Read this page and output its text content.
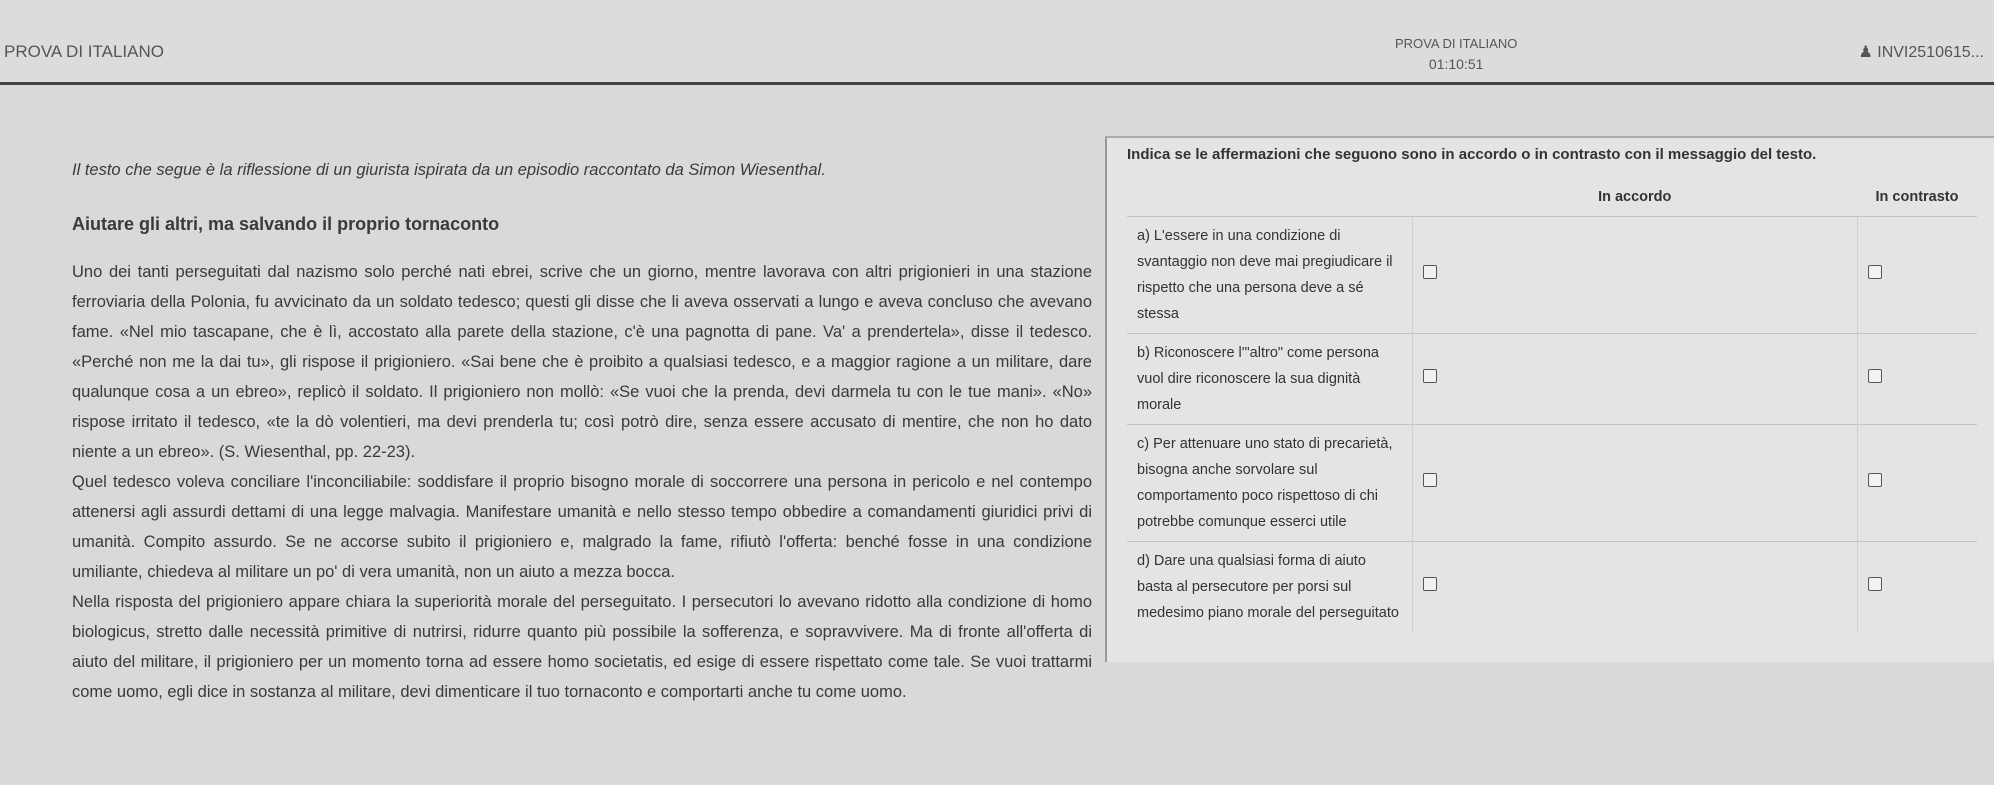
PROVA DI ITALIANO	PROVA DI ITALIANO
01:10:51
♟ INVI2510615...
Il testo che segue è la riflessione di un giurista ispirata da un episodio raccontato da Simon Wiesenthal.
Aiutare gli altri, ma salvando il proprio tornaconto
Uno dei tanti perseguitati dal nazismo solo perché nati ebrei, scrive che un giorno, mentre lavorava con altri prigionieri in una stazione ferroviaria della Polonia, fu avvicinato da un soldato tedesco; questi gli disse che li aveva osservati a lungo e aveva concluso che avevano fame. «Nel mio tascapane, che è lì, accostato alla parete della stazione, c'è una pagnotta di pane. Va' a prendertela», disse il tedesco. «Perché non me la dai tu», gli rispose il prigioniero. «Sai bene che è proibito a qualsiasi tedesco, e a maggior ragione a un militare, dare qualunque cosa a un ebreo», replicò il soldato. Il prigioniero non mollò: «Se vuoi che la prenda, devi darmela tu con le tue mani». «No» rispose irritato il tedesco, «te la dò volentieri, ma devi prenderla tu; così potrò dire, senza essere accusato di mentire, che non ho dato niente a un ebreo». (S. Wiesenthal, pp. 22-23).
Quel tedesco voleva conciliare l'inconciliabile: soddisfare il proprio bisogno morale di soccorrere una persona in pericolo e nel contempo attenersi agli assurdi dettami di una legge malvagia. Manifestare umanità e nello stesso tempo obbedire a comandamenti giuridici privi di umanità. Compito assurdo. Se ne accorse subito il prigioniero e, malgrado la fame, rifiutò l'offerta: benché fosse in una condizione umiliante, chiedeva al militare un po' di vera umanità, non un aiuto a mezza bocca.
Nella risposta del prigioniero appare chiara la superiorità morale del perseguitato. I persecutori lo avevano ridotto alla condizione di homo biologicus, stretto dalle necessità primitive di nutrirsi, ridurre quanto più possibile la sofferenza, e sopravvivere. Ma di fronte all'offerta di aiuto del militare, il prigioniero per un momento torna ad essere homo societatis, ed esige di essere rispettato come tale. Se vuoi trattarmi come uomo, egli dice in sostanza al militare, devi dimenticare il tuo tornaconto e comportarti anche tu come uomo.
Indica se le affermazioni che seguono sono in accordo o in contrasto con il messaggio del testo.
	In accordo	In contrasto
a) L'essere in una condizione di svantaggio non deve mai pregiudicare il rispetto che una persona deve a sé stessa		
b) Riconoscere l'"altro" come persona vuol dire riconoscere la sua dignità morale		
c) Per attenuare uno stato di precarietà, bisogna anche sorvolare sul comportamento poco rispettoso di chi potrebbe comunque esserci utile		
d) Dare una qualsiasi forma di aiuto basta al persecutore per porsi sul medesimo piano morale del perseguitato		
